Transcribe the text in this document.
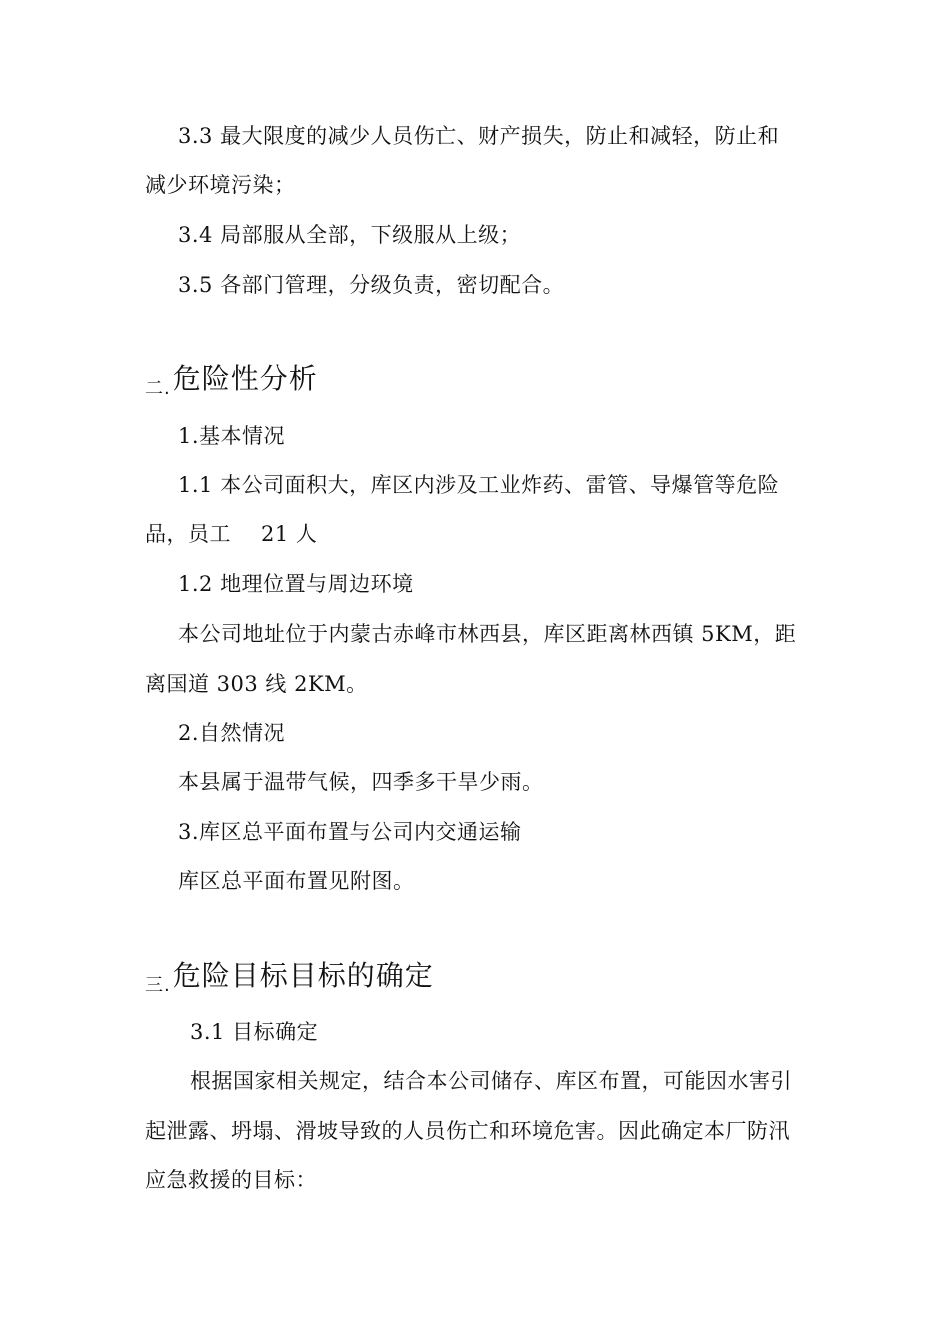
3.3 最大限度的减少人员伤亡、财产损失，防止和减轻，防止和
减少环境污染；
3.4 局部服从全部，下级服从上级；
3.5 各部门管理，分级负责，密切配合。
$_{二.}$危险性分析
1.基本情况
1.1 本公司面积大，库区内涉及工业炸药、雷管、导爆管等危险
品，员工 21 人
1.2 地理位置与周边环境
本公司地址位于内蒙古赤峰市林西县，库区距离林西镇 5KM，距
离国道 303 线 2KM。
2.自然情况
本县属于温带气候，四季多干旱少雨。
3.库区总平面布置与公司内交通运输
库区总平面布置见附图。
$_{三.}$危险目标目标的确定
3.1 目标确定
根据国家相关规定，结合本公司储存、库区布置，可能因水害引
起泄露、坍塌、滑坡导致的人员伤亡和环境危害。因此确定本厂防汛
应急救援的目标：
